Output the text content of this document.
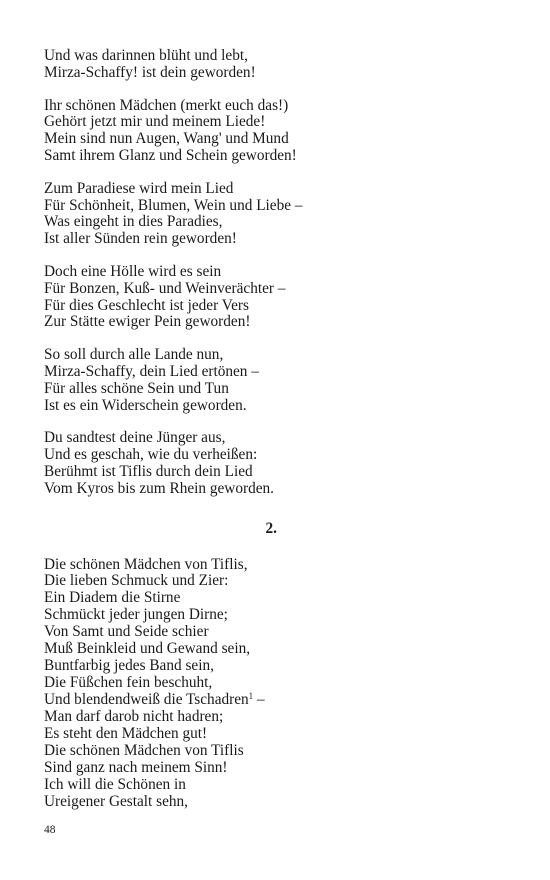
Und was darinnen blüht und lebt,
Mirza-Schaffy! ist dein geworden!
Ihr schönen Mädchen (merkt euch das!)
Gehört jetzt mir und meinem Liede!
Mein sind nun Augen, Wang' und Mund
Samt ihrem Glanz und Schein geworden!
Zum Paradiese wird mein Lied
Für Schönheit, Blumen, Wein und Liebe –
Was eingeht in dies Paradies,
Ist aller Sünden rein geworden!
Doch eine Hölle wird es sein
Für Bonzen, Kuß- und Weinverächter –
Für dies Geschlecht ist jeder Vers
Zur Stätte ewiger Pein geworden!
So soll durch alle Lande nun,
Mirza-Schaffy, dein Lied ertönen –
Für alles schöne Sein und Tun
Ist es ein Widerschein geworden.
Du sandtest deine Jünger aus,
Und es geschah, wie du verheißen:
Berühmt ist Tiflis durch dein Lied
Vom Kyros bis zum Rhein geworden.
2.
Die schönen Mädchen von Tiflis,
Die lieben Schmuck und Zier:
Ein Diadem die Stirne
Schmückt jeder jungen Dirne;
Von Samt und Seide schier
Muß Beinkleid und Gewand sein,
Buntfarbig jedes Band sein,
Die Füßchen fein beschuht,
Und blendendweiß die Tschadren$^1$ –
Man darf darob nicht hadren;
Es steht den Mädchen gut!
Die schönen Mädchen von Tiflis
Sind ganz nach meinem Sinn!
Ich will die Schönen in
Ureigener Gestalt sehn,
48
